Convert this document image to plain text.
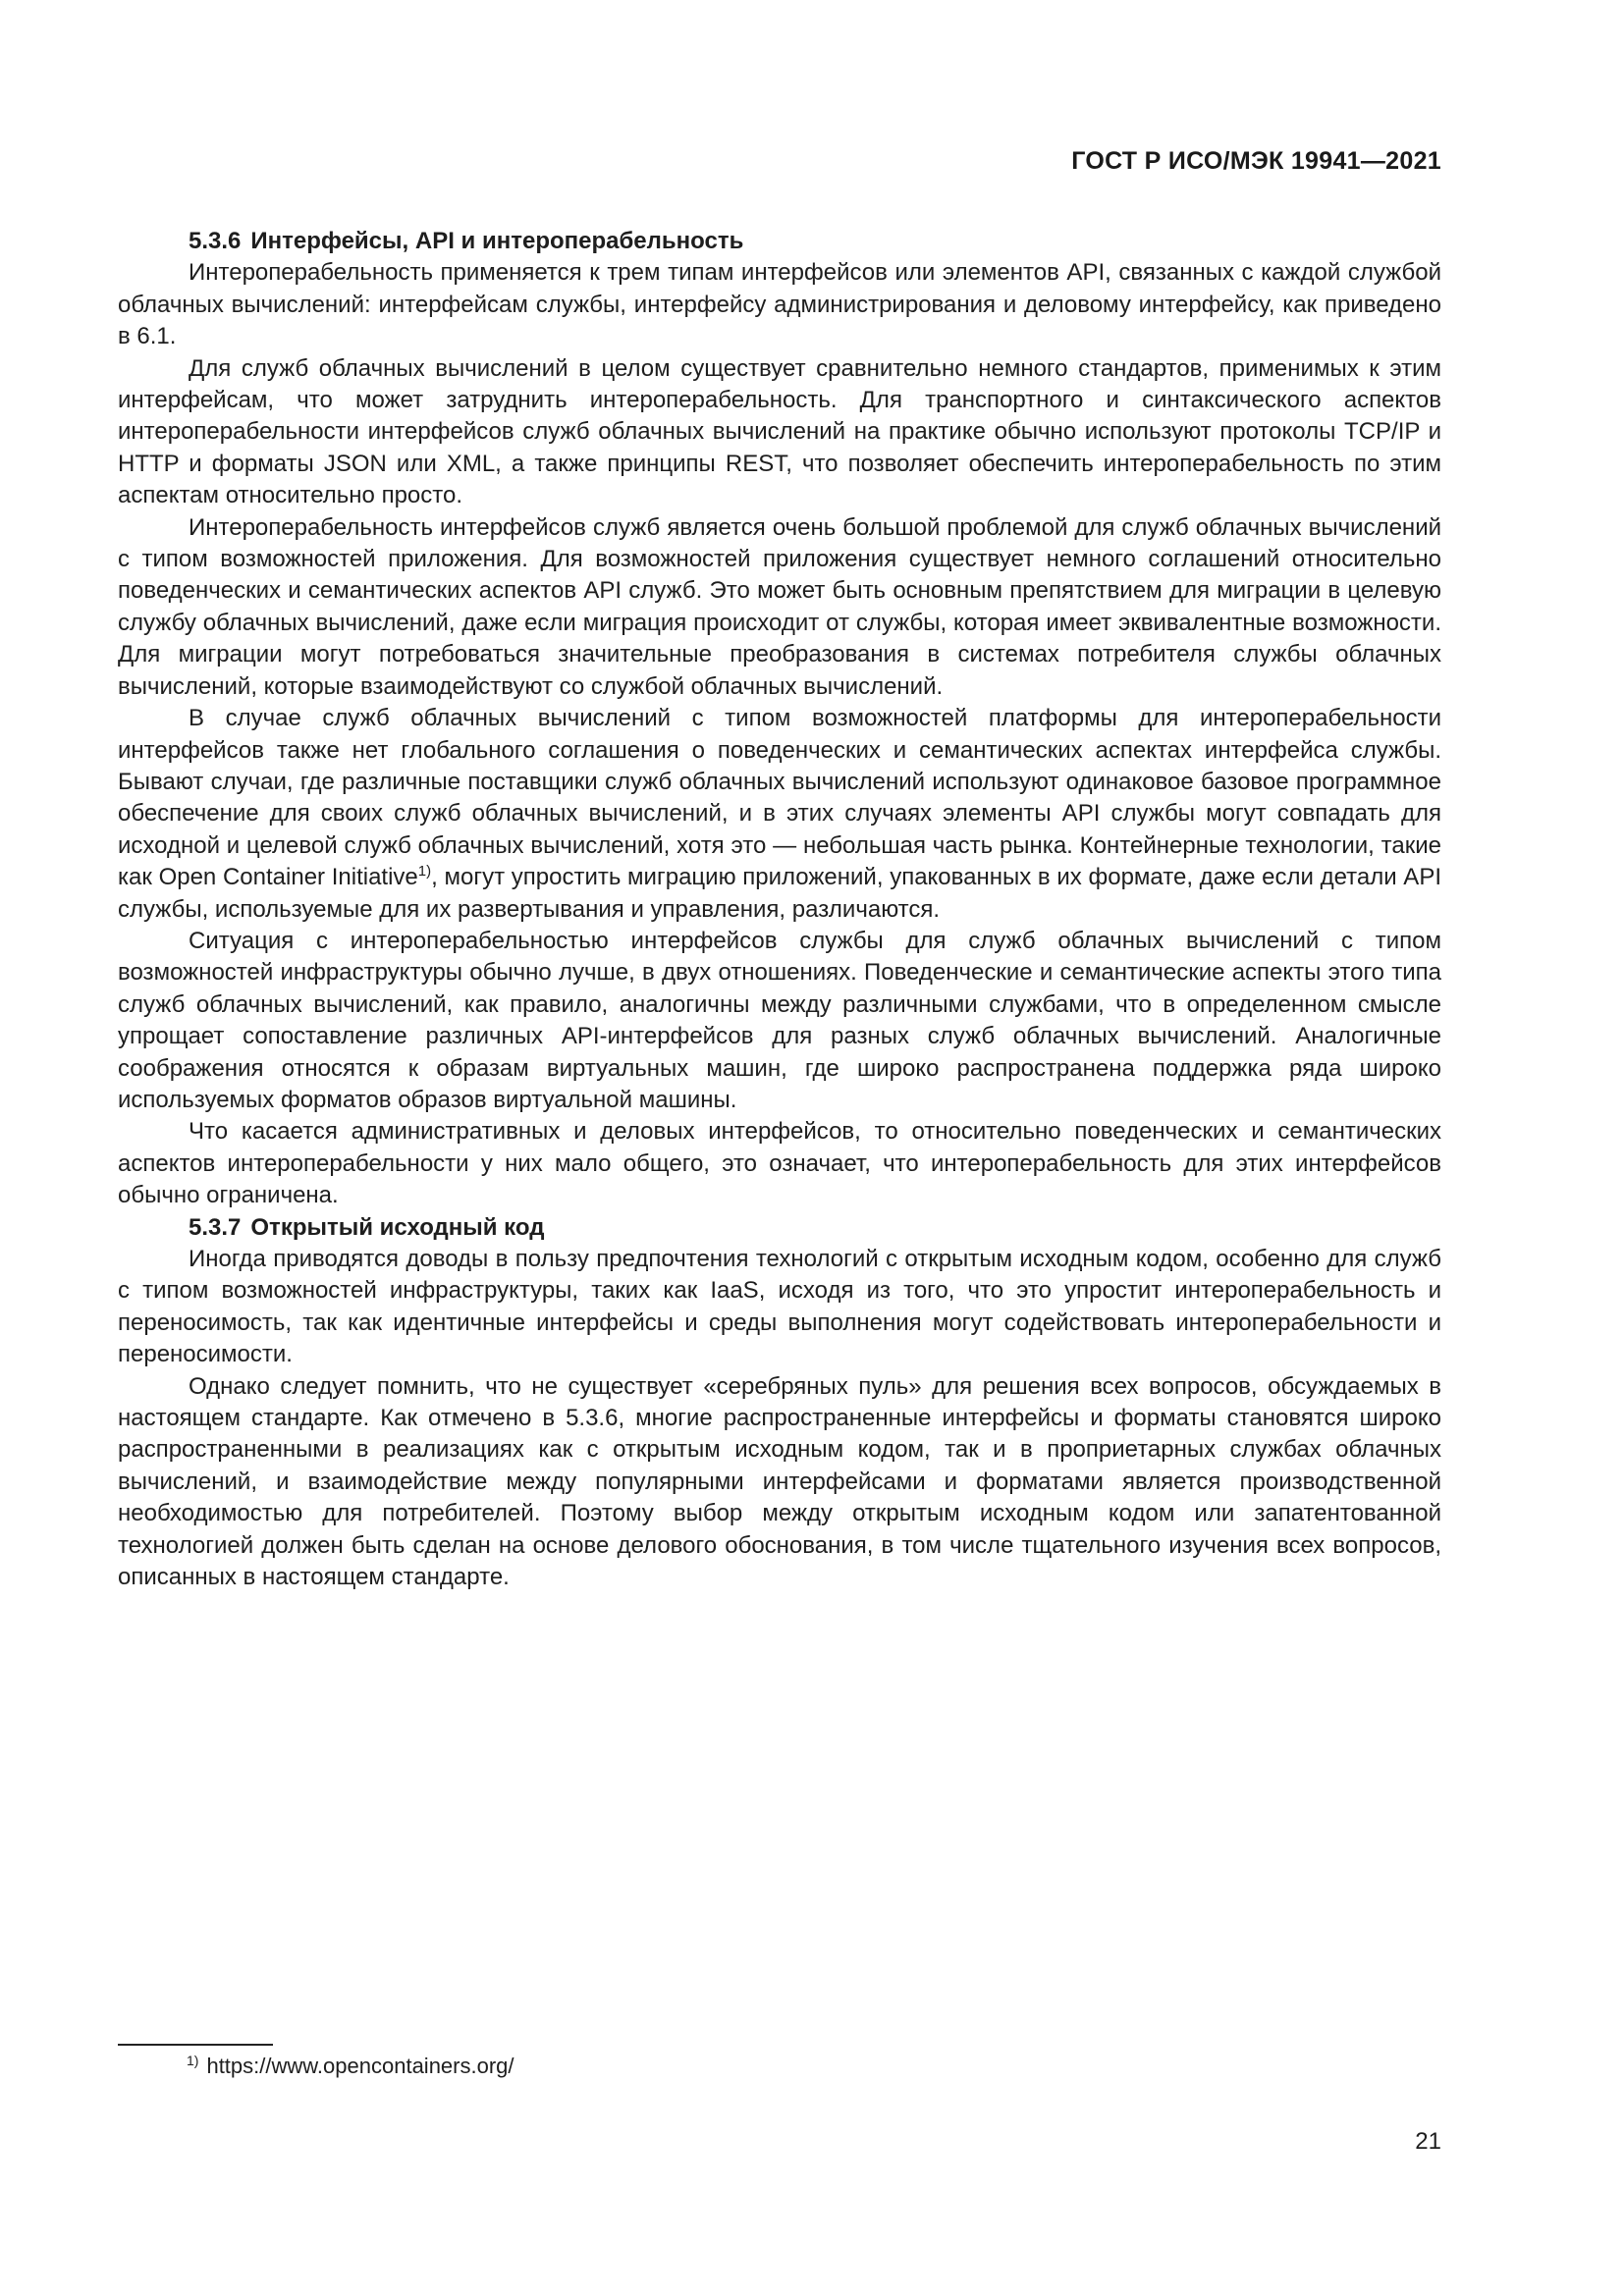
ГОСТ Р ИСО/МЭК 19941—2021
5.3.6 Интерфейсы, API и интероперабельность

Интероперабельность применяется к трем типам интерфейсов или элементов API, связанных с каждой службой облачных вычислений: интерфейсам службы, интерфейсу администрирования и деловому интерфейсу, как приведено в 6.1.

Для служб облачных вычислений в целом существует сравнительно немного стандартов, применимых к этим интерфейсам, что может затруднить интероперабельность. Для транспортного и синтаксического аспектов интероперабельности интерфейсов служб облачных вычислений на практике обычно используют протоколы TCP/IP и HTTP и форматы JSON или XML, а также принципы REST, что позволяет обеспечить интероперабельность по этим аспектам относительно просто.

Интероперабельность интерфейсов служб является очень большой проблемой для служб облачных вычислений с типом возможностей приложения. Для возможностей приложения существует немного соглашений относительно поведенческих и семантических аспектов API служб. Это может быть основным препятствием для миграции в целевую службу облачных вычислений, даже если миграция происходит от службы, которая имеет эквивалентные возможности. Для миграции могут потребоваться значительные преобразования в системах потребителя службы облачных вычислений, которые взаимодействуют со службой облачных вычислений.

В случае служб облачных вычислений с типом возможностей платформы для интероперабельности интерфейсов также нет глобального соглашения о поведенческих и семантических аспектах интерфейса службы. Бывают случаи, где различные поставщики служб облачных вычислений используют одинаковое базовое программное обеспечение для своих служб облачных вычислений, и в этих случаях элементы API службы могут совпадать для исходной и целевой служб облачных вычислений, хотя это — небольшая часть рынка. Контейнерные технологии, такие как Open Container Initiative$^{1)}$, могут упростить миграцию приложений, упакованных в их формате, даже если детали API службы, используемые для их развертывания и управления, различаются.

Ситуация с интероперабельностью интерфейсов службы для служб облачных вычислений с типом возможностей инфраструктуры обычно лучше, в двух отношениях. Поведенческие и семантические аспекты этого типа служб облачных вычислений, как правило, аналогичны между различными службами, что в определенном смысле упрощает сопоставление различных API-интерфейсов для разных служб облачных вычислений. Аналогичные соображения относятся к образам виртуальных машин, где широко распространена поддержка ряда широко используемых форматов образов виртуальной машины.

Что касается административных и деловых интерфейсов, то относительно поведенческих и семантических аспектов интероперабельности у них мало общего, это означает, что интероперабельность для этих интерфейсов обычно ограничена.

5.3.7 Открытый исходный код

Иногда приводятся доводы в пользу предпочтения технологий с открытым исходным кодом, особенно для служб с типом возможностей инфраструктуры, таких как IaaS, исходя из того, что это упростит интероперабельность и переносимость, так как идентичные интерфейсы и среды выполнения могут содействовать интероперабельности и переносимости.

Однако следует помнить, что не существует «серебряных пуль» для решения всех вопросов, обсуждаемых в настоящем стандарте. Как отмечено в 5.3.6, многие распространенные интерфейсы и форматы становятся широко распространенными в реализациях как с открытым исходным кодом, так и в проприетарных службах облачных вычислений, и взаимодействие между популярными интерфейсами и форматами является производственной необходимостью для потребителей. Поэтому выбор между открытым исходным кодом или запатентованной технологией должен быть сделан на основе делового обоснования, в том числе тщательного изучения всех вопросов, описанных в настоящем стандарте.

$^{1)}$ https://www.opencontainers.org/
21
